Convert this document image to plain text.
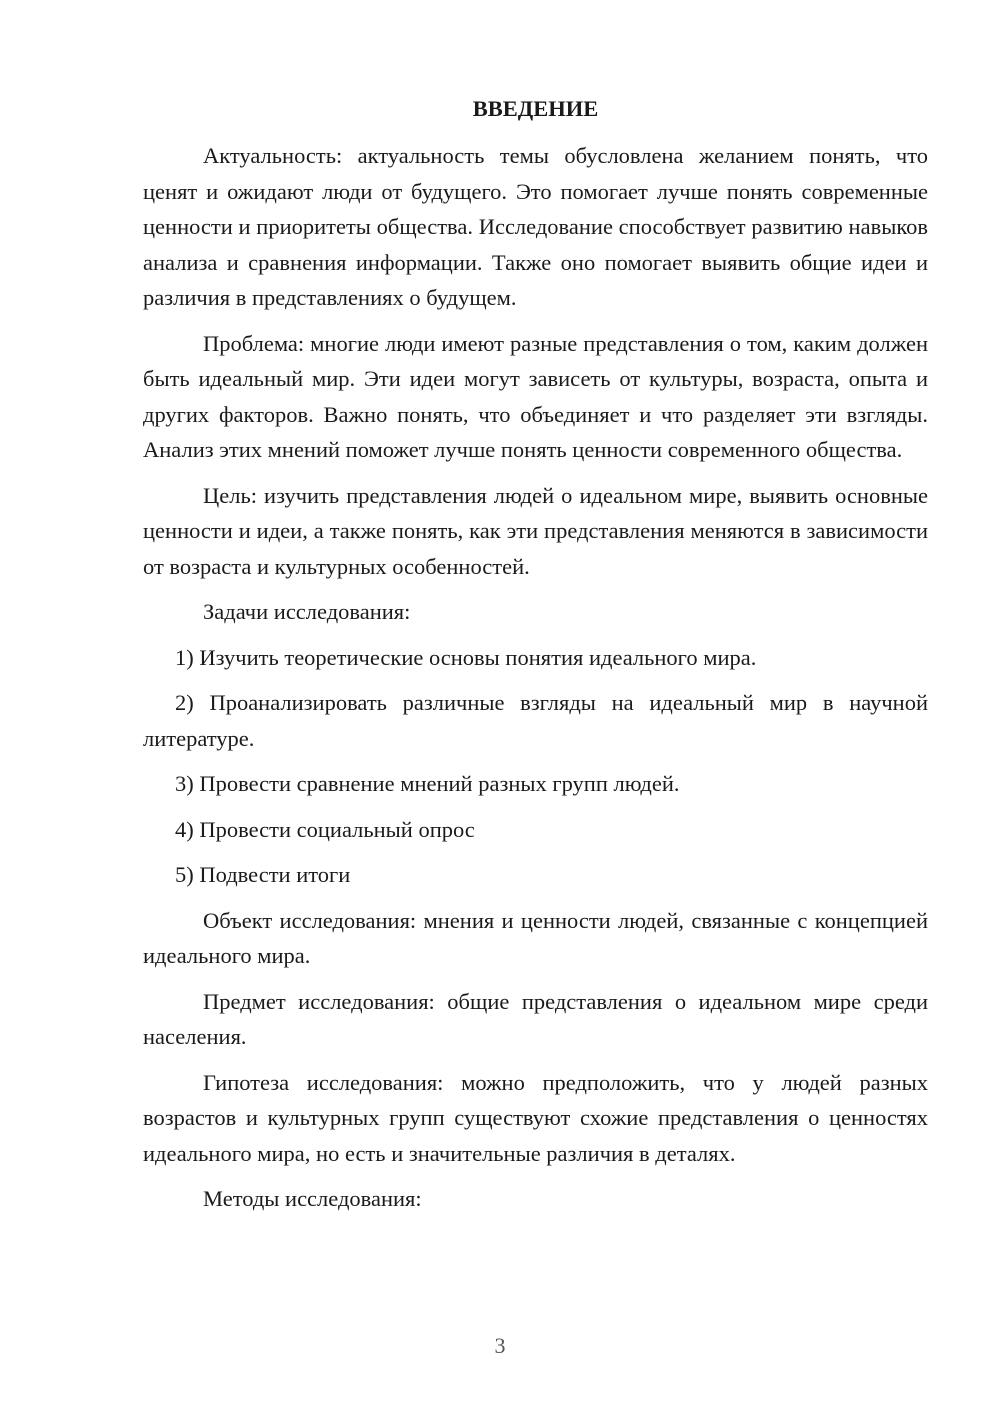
ВВЕДЕНИЕ

Актуальность: актуальность темы обусловлена желанием понять, что ценят и ожидают люди от будущего. Это помогает лучше понять современные ценности и приоритеты общества. Исследование способствует развитию навыков анализа и сравнения информации. Также оно помогает выявить общие идеи и различия в представлениях о будущем.

Проблема: многие люди имеют разные представления о том, каким должен быть идеальный мир. Эти идеи могут зависеть от культуры, возраста, опыта и других факторов. Важно понять, что объединяет и что разделяет эти взгляды. Анализ этих мнений поможет лучше понять ценности современного общества.

Цель: изучить представления людей о идеальном мире, выявить основные ценности и идеи, а также понять, как эти представления меняются в зависимости от возраста и культурных особенностей.

Задачи исследования:

1) Изучить теоретические основы понятия идеального мира.

2) Проанализировать различные взгляды на идеальный мир в научной литературе.

3) Провести сравнение мнений разных групп людей.

4) Провести социальный опрос

5) Подвести итоги

Объект исследования: мнения и ценности людей, связанные с концепцией идеального мира.

Предмет исследования: общие представления о идеальном мире среди населения.

Гипотеза исследования: можно предположить, что у людей разных возрастов и культурных групп существуют схожие представления о ценностях идеального мира, но есть и значительные различия в деталях.

Методы исследования:

3
